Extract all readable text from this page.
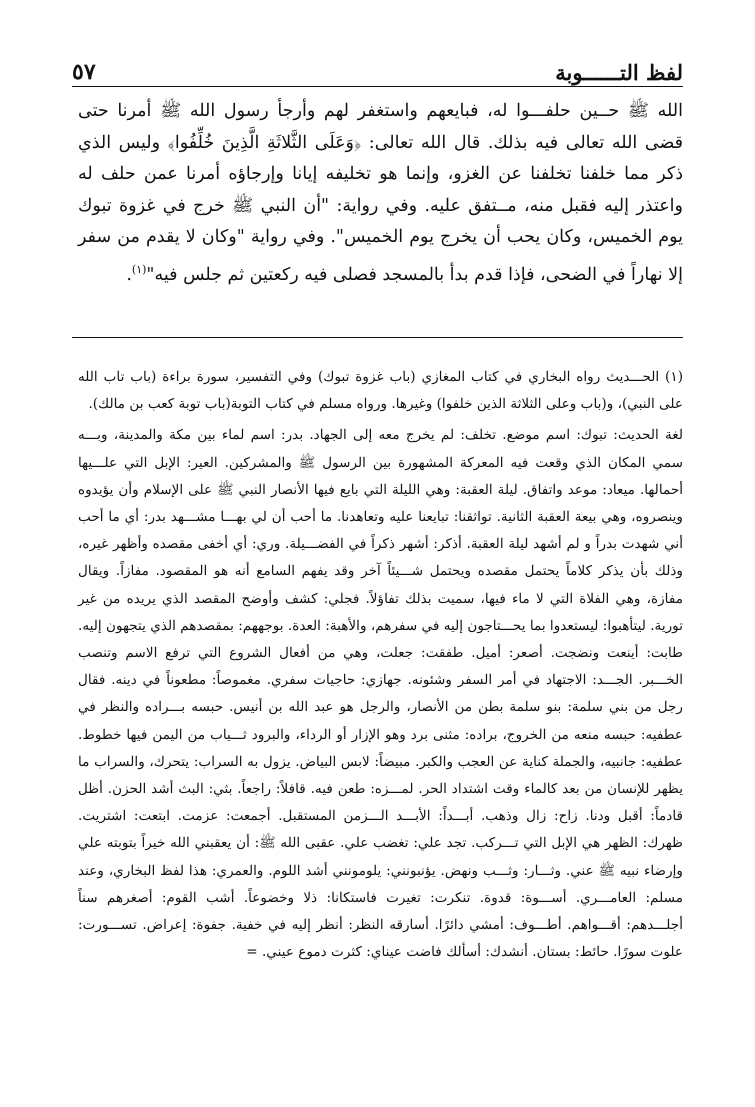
لفظ التــــــوبة
٥٧

الله ﷺ حــين حلفـــوا له، فبايعهم واستغفر لهم وأرجأ رسول الله ﷺ أمرنا حتى قضى الله تعالى فيه بذلك. قال الله تعالى: ﴿وَعَلَى الثَّلاثَةِ الَّذِينَ خُلِّفُوا﴾ وليس الذي ذكر مما خلفنا تخلفنا عن الغزو، وإنما هو تخليفه إيانا وإرجاؤه أمرنا عمن حلف له واعتذر إليه فقبل منه، مــتفق عليه. وفي رواية: "أن النبي ﷺ خرج في غزوة تبوك يوم الخميس، وكان يحب أن يخرج يوم الخميس". وفي رواية "وكان لا يقدم من سفر إلا نهاراً في الضحى، فإذا قدم بدأ بالمسجد فصلى فيه ركعتين ثم جلس فيه"$^{(١)}$.

(١) الحـــديث رواه البخاري في كتاب المغازي (باب غزوة تبوك) وفي التفسير، سورة براءة (باب تاب الله على النبي)، و(باب وعلى الثلاثة الذين خلفوا) وغيرها. ورواه مسلم في كتاب التوبة(باب توبة كعب بن مالك).

لغة الحديث: تبوك: اسم موضع. تخلف: لم يخرج معه إلى الجهاد. بدر: اسم لماء بين مكة والمدينة، وبـــه سمي المكان الذي وقعت فيه المعركة المشهورة بين الرسول ﷺ والمشركين. العير: الإبل التي علـــيها أحمالها. ميعاد: موعد واتفاق. ليلة العقبة: وهي الليلة التي بايع فيها الأنصار النبي ﷺ على الإسلام وأن يؤيدوه وينصروه، وهي بيعة العقبة الثانية. تواثقنا: تبايعنا عليه وتعاهدنا. ما أحب أن لي بهـــا مشـــهد بدر: أي ما أحب أني شهدت بدراً و لم أشهد ليلة العقبة. أذكر: أشهر ذكراً في الفضـــيلة. وري: أي أخفى مقصده وأظهر غيره، وذلك بأن يذكر كلاماً يحتمل مقصده ويحتمل شـــيئاً آخر وقد يفهم السامع أنه هو المقصود. مفازاً. ويقال مفازة، وهي الفلاة التي لا ماء فيها، سميت بذلك تفاؤلاً. فجلي: كشف وأوضح المقصد الذي يريده من غير تورية. ليتأهبوا: ليستعدوا بما يحـــتاجون إليه في سفرهم، والأهبة: العدة. بوجههم: بمقصدهم الذي يتجهون إليه. طابت: أينعت ونضجت. أصعر: أميل. طفقت: جعلت، وهي من أفعال الشروع التي ترفع الاسم وتنصب الخـــبر. الجـــد: الاجتهاد في أمر السفر وشئونه. جهازي: حاجيات سفري. مغموصاً: مطعوناً في دينه. فقال رجل من بني سلمة: بنو سلمة بطن من الأنصار، والرجل هو عبد الله بن أنيس. حبسه بـــراده والنظر في عطفيه: حبسه منعه من الخروج، براده: مثنى برد وهو الإزار أو الرداء، والبرود ثـــياب من اليمن فيها خطوط. عطفيه: جانبيه، والجملة كناية عن العجب والكبر. مبيضاً: لابس البياض. يزول به السراب: يتحرك، والسراب ما يظهر للإنسان من بعد كالماء وقت اشتداد الحر. لمـــزه: طعن فيه. قافلاً: راجعاً. بثي: البث أشد الحزن. أظل قادماً: أقبل ودنا. زاح: زال وذهب. أبـــداً: الأبـــد الـــزمن المستقبل. أجمعت: عزمت. ابتعت: اشتريت. ظهرك: الظهر هي الإبل التي تـــركب. تجد علي: تغضب علي. عقبى الله ﷺ: أن يعقبني الله خيراً بتوبته علي وإرضاء نبيه ﷺ عني. وثـــار: وثـــب ونهض. يؤنبونني: يلومونني أشد اللوم. والعمري: هذا لفظ البخاري، وعند مسلم: العامـــري. أســـوة: قدوة. تنكرت: تغيرت فاستكانا: ذلا وخضوعاً. أشب القوم: أصغرهم سناً أجلـــدهم: أقـــواهم. أطـــوف: أمشي دائرًا. أسارقه النظر: أنظر إليه في خفية. جفوة: إعراض. تســـورت: علوت سورًا. حائط: بستان. أنشدك: أسألك فاضت عيناي: كثرت دموع عيني. =
